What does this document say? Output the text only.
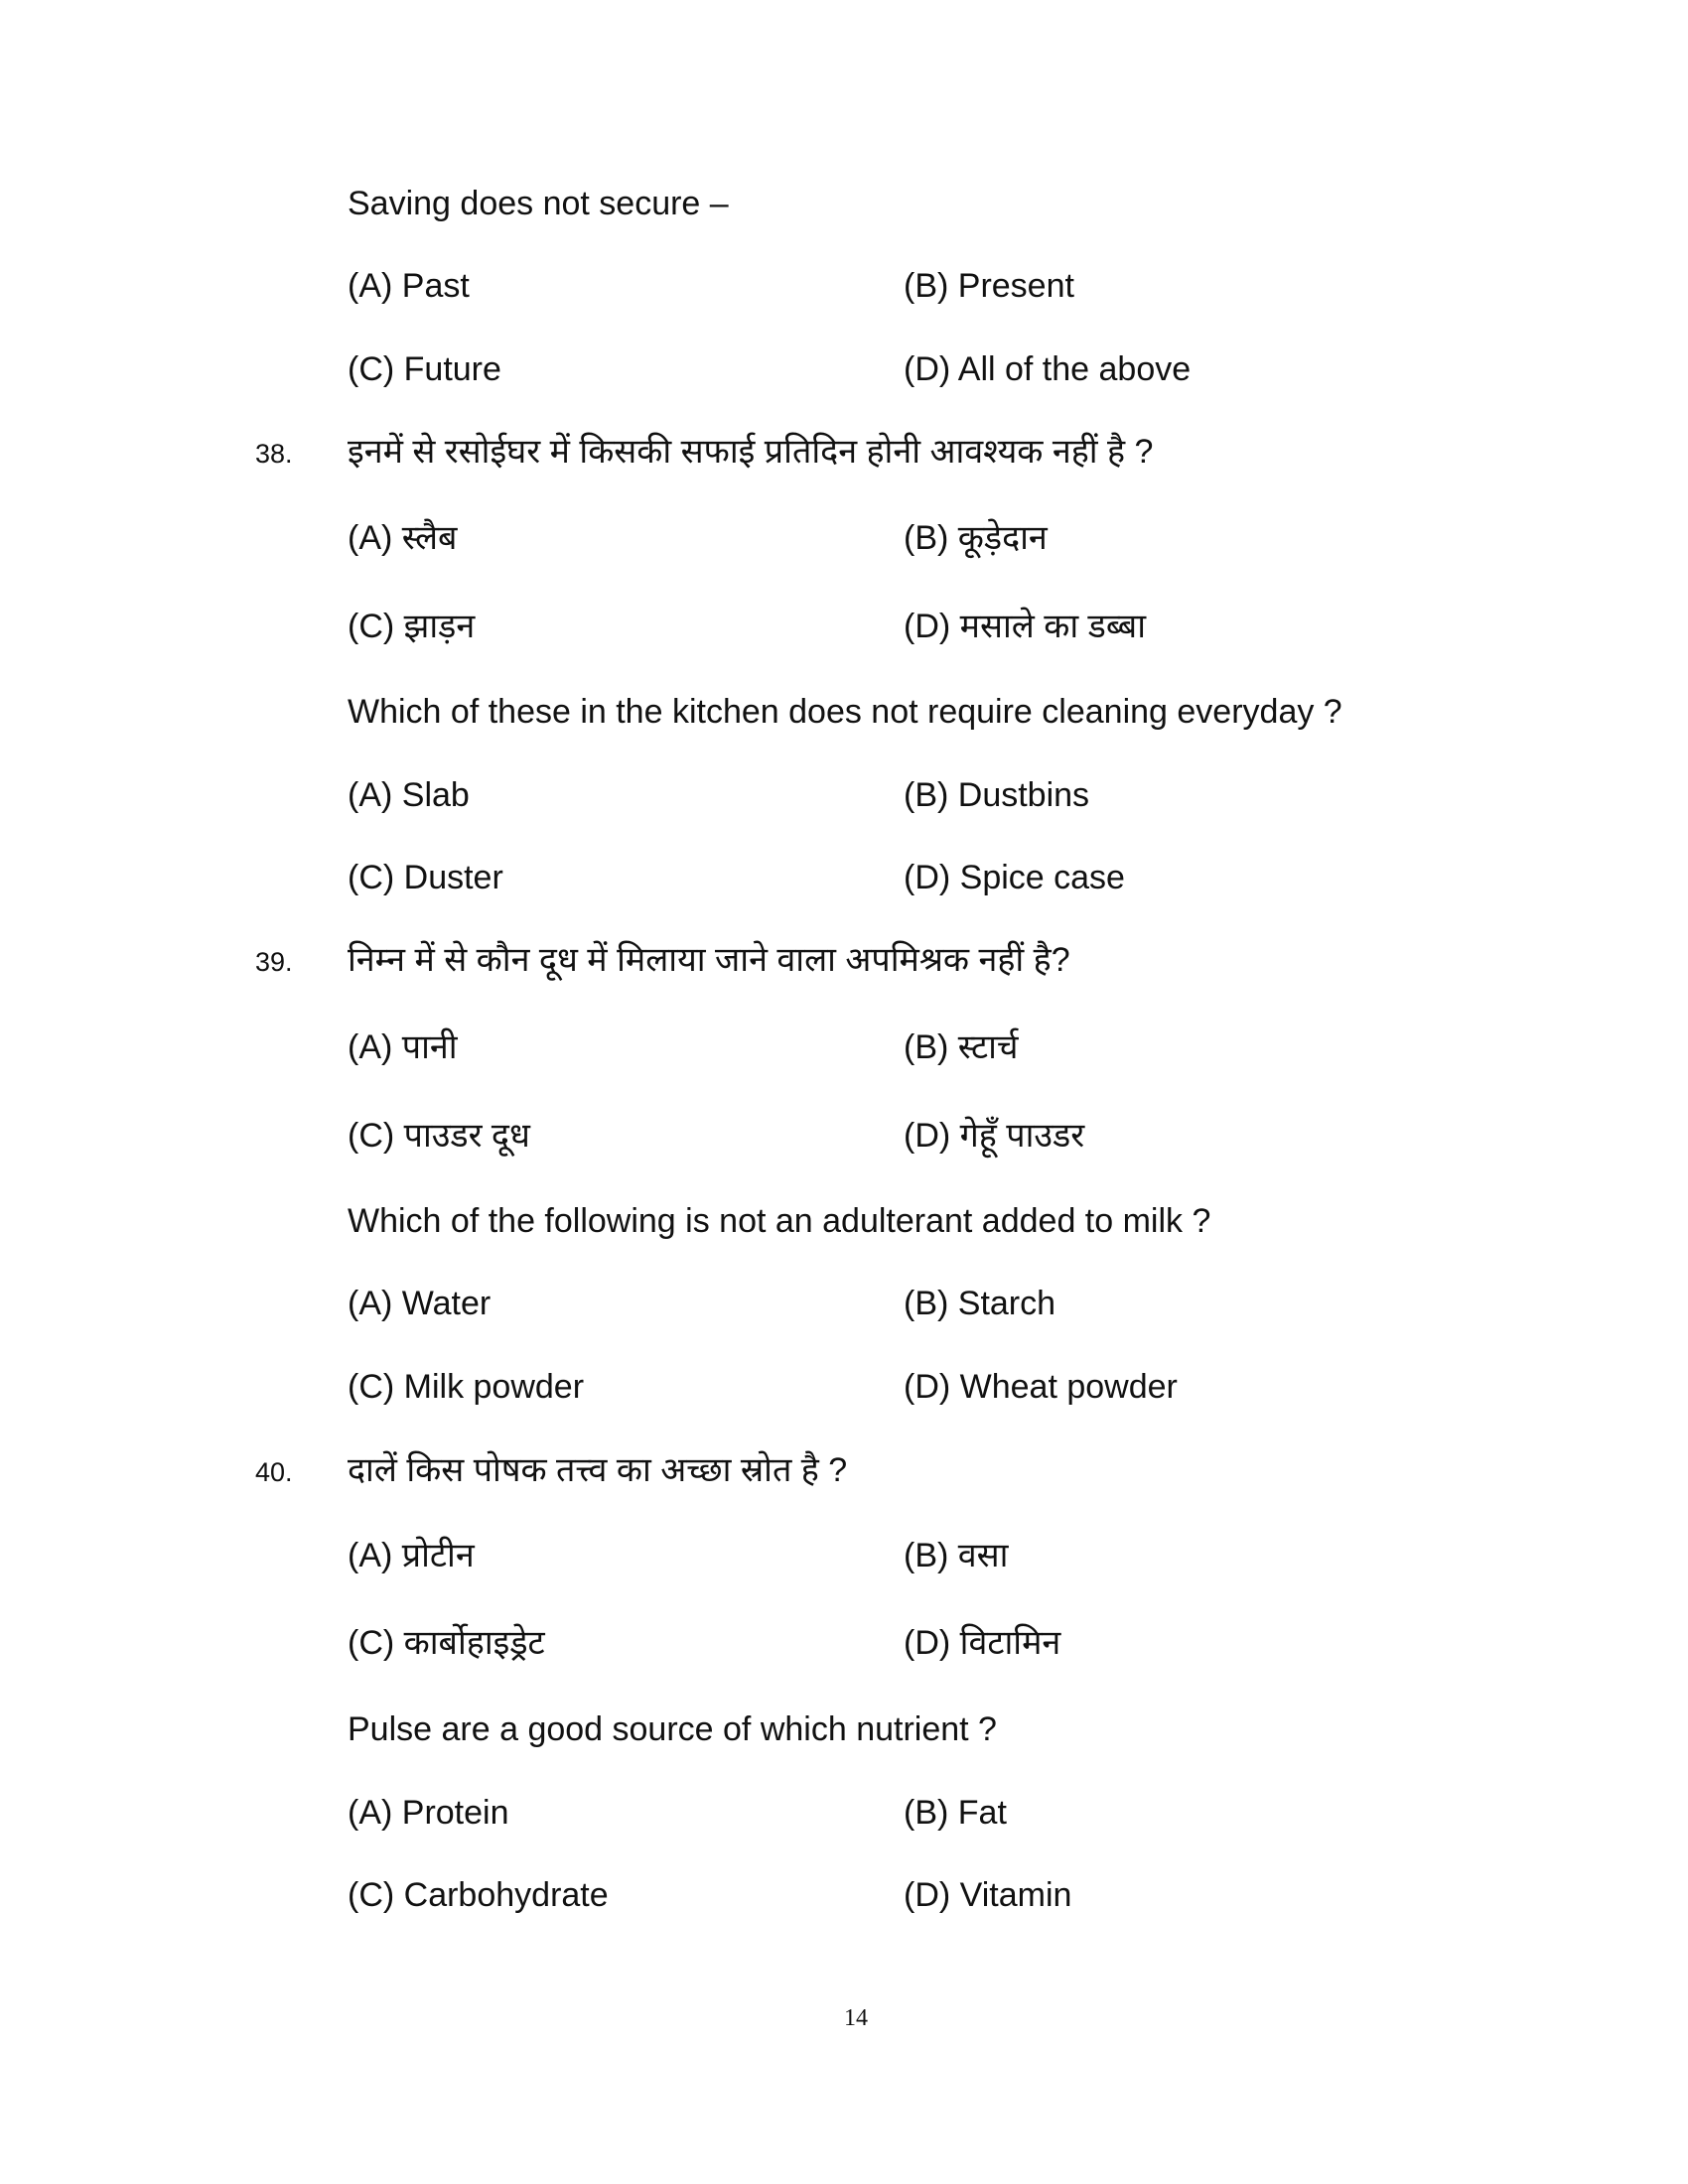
Saving does not secure –
(A) Past	(B) Present
(C) Future	(D) All of the above
38. इनमें से रसोईघर में किसकी सफाई प्रतिदिन होनी आवश्यक नहीं है ?
(A) स्लैब	(B) कूड़ेदान
(C) झाड़न	(D) मसाले का डब्बा
Which of these in the kitchen does not require cleaning everyday ?
(A) Slab	(B) Dustbins
(C) Duster	(D) Spice case
39. निम्न में से कौन दूध में मिलाया जाने वाला अपमिश्रक नहीं है?
(A) पानी	(B) स्टार्च
(C) पाउडर दूध	(D) गेहूँ पाउडर
Which of the following is not an adulterant added to milk ?
(A) Water	(B) Starch
(C) Milk powder	(D) Wheat powder
40. दालें किस पोषक तत्त्व का अच्छा स्रोत है ?
(A) प्रोटीन	(B) वसा
(C) कार्बोहाइड्रेट	(D) विटामिन
Pulse are a good source of which nutrient ?
(A) Protein	(B) Fat
(C) Carbohydrate	(D) Vitamin
14
